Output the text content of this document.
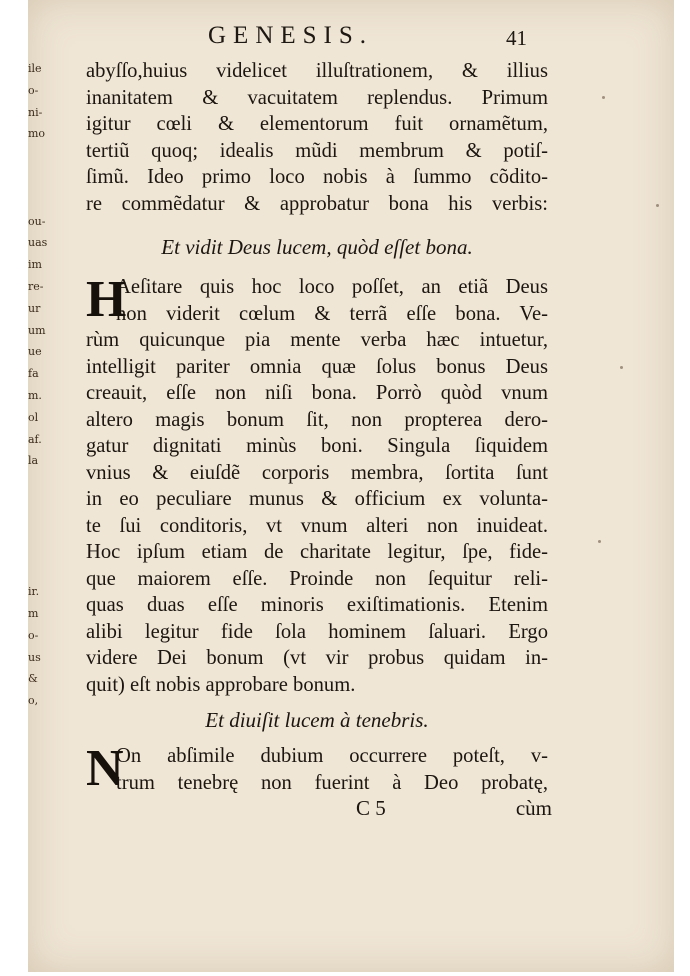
ile
o-
ni-
mo
ou-
uas
im
re-
ur
um
ue
fa
m.
ol
af.
la
ir.
m
o-
us
&
o,
GENESIS.	41
abyſſo,huius videlicet illuſtrationem, & illius
inanitatem & vacuitatem replendus. Primum
igitur cœli & elementorum fuit ornamẽtum,
tertiũ quoq; idealis mũdi membrum & potiſ-
ſimũ. Ideo primo loco nobis à ſummo cõdito-
re commẽdatur & approbatur bona his verbis:
Et vidit Deus lucem, quòd eſſet bona.
H
Aeſitare quis hoc loco poſſet, an etiã Deus
non viderit cœlum & terrã eſſe bona. Ve-
rùm quicunque pia mente verba hæc intuetur,
intelligit pariter omnia quæ ſolus bonus Deus
creauit, eſſe non niſi bona. Porrò quòd vnum
altero magis bonum ſit, non propterea dero-
gatur dignitati minùs boni. Singula ſiquidem
vnius & eiuſdẽ corporis membra, ſortita ſunt
in eo peculiare munus & officium ex volunta-
te ſui conditoris, vt vnum alteri non inuideat.
Hoc ipſum etiam de charitate legitur, ſpe, fide-
que maiorem eſſe. Proinde non ſequitur reli-
quas duas eſſe minoris exiſtimationis. Etenim
alibi legitur fide ſola hominem ſaluari. Ergo
videre Dei bonum (vt vir probus quidam in-
quit) eſt nobis approbare bonum.
Et diuiſit lucem à tenebris.
N
On abſimile dubium occurrere poteſt, v-
trum tenebrę non fuerint à Deo probatę,
C 5	cùm
